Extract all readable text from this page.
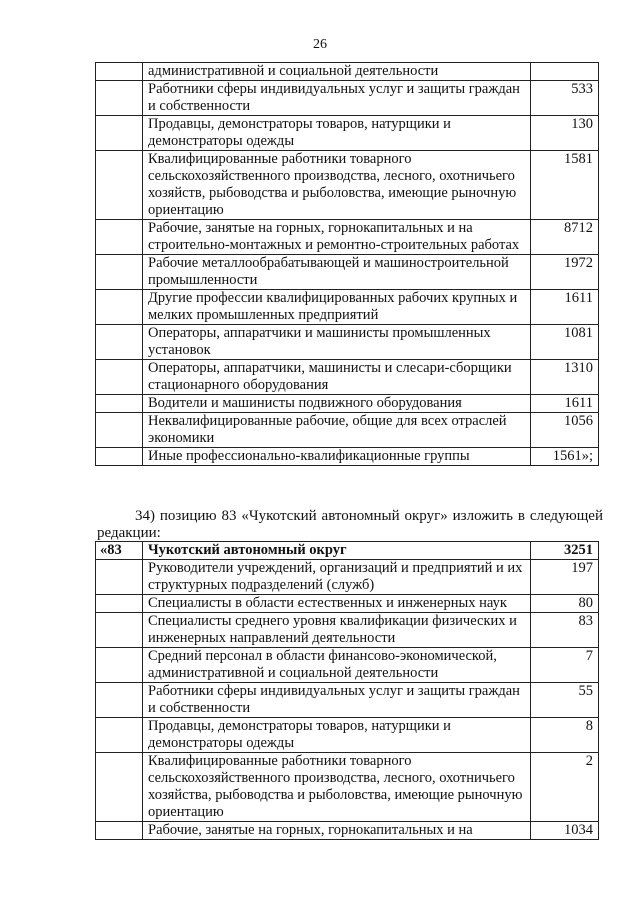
26
	административной и социальной деятельности	
	Работники сферы индивидуальных услуг и защиты граждан и собственности	533
	Продавцы, демонстраторы товаров, натурщики и демонстраторы одежды	130
	Квалифицированные работники товарного сельскохозяйственного производства, лесного, охотничьего хозяйств, рыбоводства и рыболовства, имеющие рыночную ориентацию	1581
	Рабочие, занятые на горных, горнокапитальных и на строительно-монтажных и ремонтно-строительных работах	8712
	Рабочие металлообрабатывающей и машиностроительной промышленности	1972
	Другие профессии квалифицированных рабочих крупных и мелких промышленных предприятий	1611
	Операторы, аппаратчики и машинисты промышленных установок	1081
	Операторы, аппаратчики, машинисты и слесари-сборщики стационарного оборудования	1310
	Водители и машинисты подвижного оборудования	1611
	Неквалифицированные рабочие, общие для всех отраслей экономики	1056
	Иные профессионально-квалификационные группы	1561»;
34) позицию 83 «Чукотский автономный округ» изложить в следующей
редакции:
«83	Чукотский автономный округ	3251
	Руководители учреждений, организаций и предприятий и их структурных подразделений (служб)	197
	Специалисты в области естественных и инженерных наук	80
	Специалисты среднего уровня квалификации физических и инженерных направлений деятельности	83
	Средний персонал в области финансово-экономической, административной и социальной деятельности	7
	Работники сферы индивидуальных услуг и защиты граждан и собственности	55
	Продавцы, демонстраторы товаров, натурщики и демонстраторы одежды	8
	Квалифицированные работники товарного сельскохозяйственного производства, лесного, охотничьего хозяйства, рыбоводства и рыболовства, имеющие рыночную ориентацию	2
	Рабочие, занятые на горных, горнокапитальных и на	1034
